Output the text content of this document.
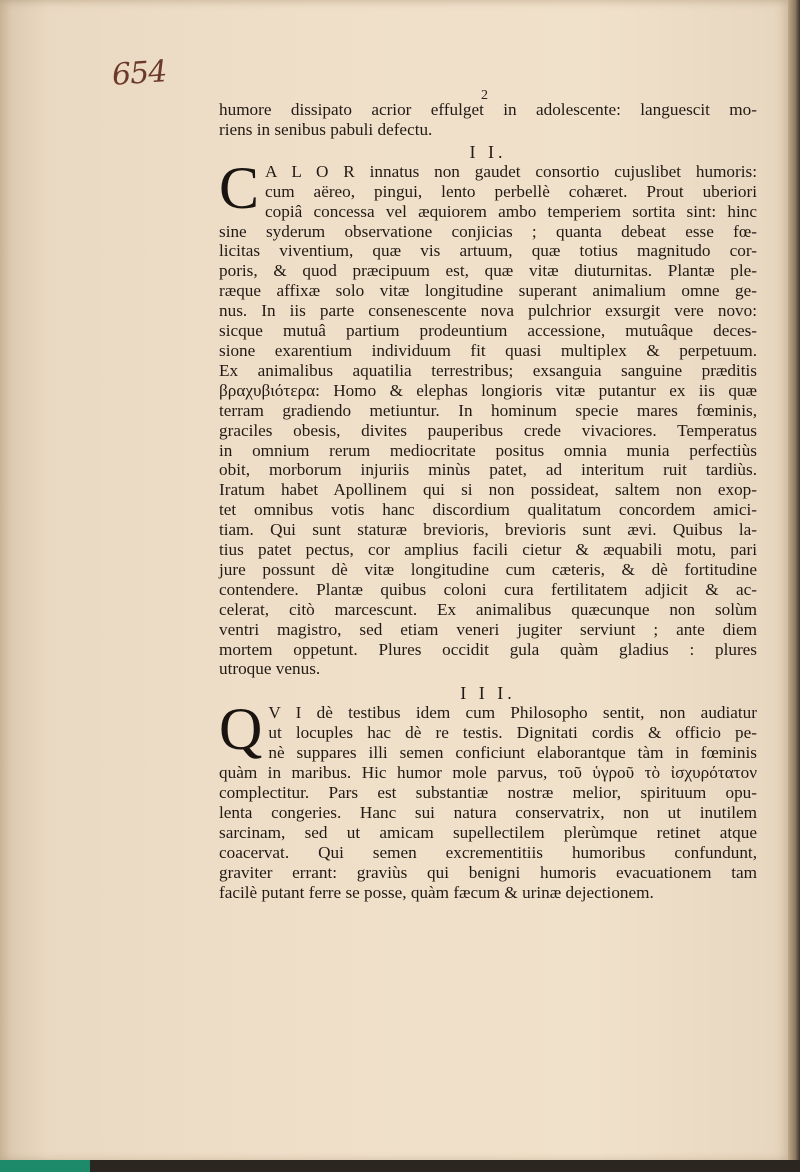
654
2
humore dissipato acrior effulget in adolescente: languescit mo-
riens in senibus pabuli defectu.
I I.
C A L O R innatus non gaudet consortio cujuslibet humoris:
cum aëreo, pingui, lento perbellè cohæret. Prout uberiori
copiâ concessa vel æquiorem ambo temperiem sortita sint: hinc
sine syderum observatione conjicias ; quanta debeat esse fœ-
licitas viventium, quæ vis artuum, quæ totius magnitudo cor-
poris, & quod præcipuum est, quæ vitæ diuturnitas. Plantæ ple-
ræque affixæ solo vitæ longitudine superant animalium omne ge-
nus. In iis parte consenescente nova pulchrior exsurgit vere novo:
sicque mutuâ partium prodeuntium accessione, mutuâque deces-
sione exarentium individuum fit quasi multiplex & perpetuum.
Ex animalibus aquatilia terrestribus; exsanguia sanguine præditis
βραχυβιότερα: Homo & elephas longioris vitæ putantur ex iis quæ
terram gradiendo metiuntur. In hominum specie mares fœminis,
graciles obesis, divites pauperibus crede vivaciores. Temperatus
in omnium rerum mediocritate positus omnia munia perfectiùs
obit, morborum injuriis minùs patet, ad interitum ruit tardiùs.
Iratum habet Apollinem qui si non possideat, saltem non exop-
tet omnibus votis hanc discordium qualitatum concordem amici-
tiam. Qui sunt staturæ brevioris, brevioris sunt ævi. Quibus la-
tius patet pectus, cor amplius facili cietur & æquabili motu, pari
jure possunt dè vitæ longitudine cum cæteris, & dè fortitudine
contendere. Plantæ quibus coloni cura fertilitatem adjicit & ac-
celerat, citò marcescunt. Ex animalibus quæcunque non solùm
ventri magistro, sed etiam veneri jugiter serviunt ; ante diem
mortem oppetunt. Plures occidit gula quàm gladius : plures
utroque venus.
I I I.
Q V I dè testibus idem cum Philosopho sentit, non audiatur
ut locuples hac dè re testis. Dignitati cordis & officio pe-
nè suppares illi semen conficiunt elaborantque tàm in fœminis
quàm in maribus. Hic humor mole parvus, τοῦ ὑγροῦ τὸ ἰσχυρότατον
complectitur. Pars est substantiæ nostræ melior, spirituum opu-
lenta congeries. Hanc sui natura conservatrix, non ut inutilem
sarcinam, sed ut amicam supellectilem plerùmque retinet atque
coacervat. Qui semen excrementitiis humoribus confundunt,
graviter errant: graviùs qui benigni humoris evacuationem tam
facilè putant ferre se posse, quàm fæcum & urinæ dejectionem.
